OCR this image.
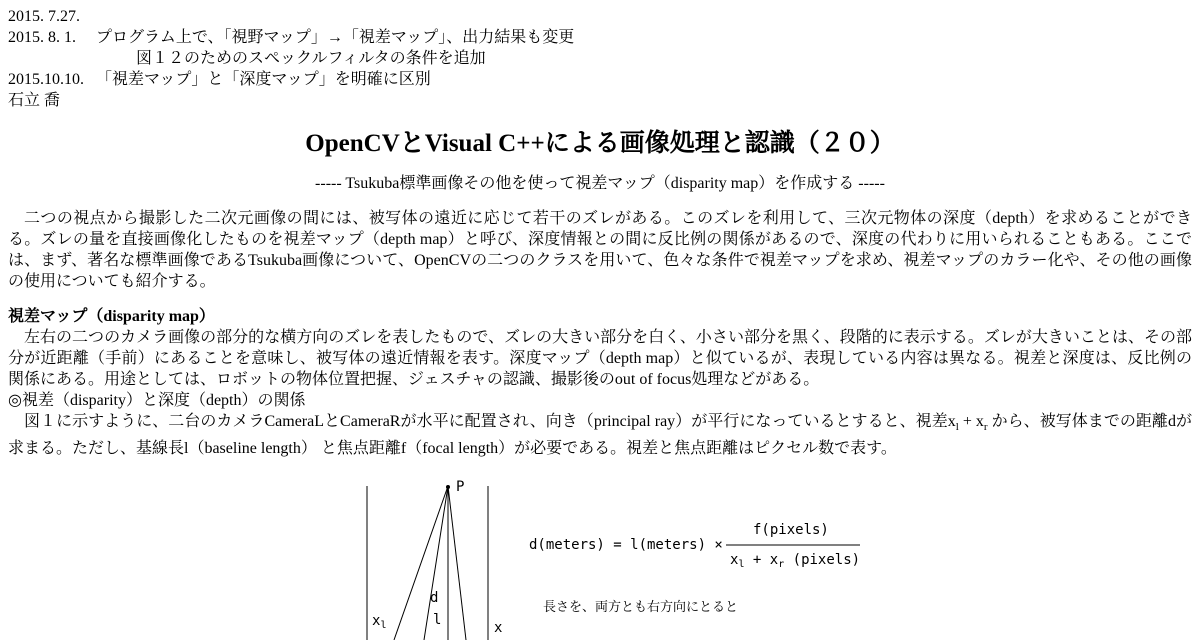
2015. 7.27.
2015. 8. 1. プログラム上で、「視野マップ」→「視差マップ」、出力結果も変更
図１２のためのスペックルフィルタの条件を追加
2015.10.10. 「視差マップ」と「深度マップ」を明確に区別
石立 喬
OpenCVとVisual C++による画像処理と認識（２０）
----- Tsukuba標準画像その他を使って視差マップ（disparity map）を作成する -----

二つの視点から撮影した二次元画像の間には、被写体の遠近に応じて若干のズレがある。このズレを利用して、三次元物体の深度（depth）を求めることができる。ズレの量を直接画像化したものを視差マップ（depth map）と呼び、深度情報との間に反比例の関係があるので、深度の代わりに用いられることもある。ここでは、まず、著名な標準画像であるTsukuba画像について、OpenCVの二つのクラスを用いて、色々な条件で視差マップを求め、視差マップのカラー化や、その他の画像の使用についても紹介する。

視差マップ（disparity map）

左右の二つのカメラ画像の部分的な横方向のズレを表したもので、ズレの大きい部分を白く、小さい部分を黒く、段階的に表示する。ズレが大きいことは、その部分が近距離（手前）にあることを意味し、被写体の遠近情報を表す。深度マップ（depth map）と似ているが、表現している内容は異なる。視差と深度は、反比例の関係にある。用途としては、ロボットの物体位置把握、ジェスチャの認識、撮影後のout of focus処理などがある。

◎視差（disparity）と深度（depth）の関係

図１に示すように、二台のカメラCameraLとCameraRが水平に配置され、向き（principal ray）が平行になっているとすると、視差$x_l + x_r$ から、被写体までの距離dが求まる。ただし、基線長l（baseline length） と焦点距離f（focal length）が必要である。視差と焦点距離はピクセル数で表す。

P
d
l
$x_l$	x
d(meters) = l(meters) ×
f(pixels)
$x_l + x_r$ (pixels)
長さを、両方とも右方向にとると
